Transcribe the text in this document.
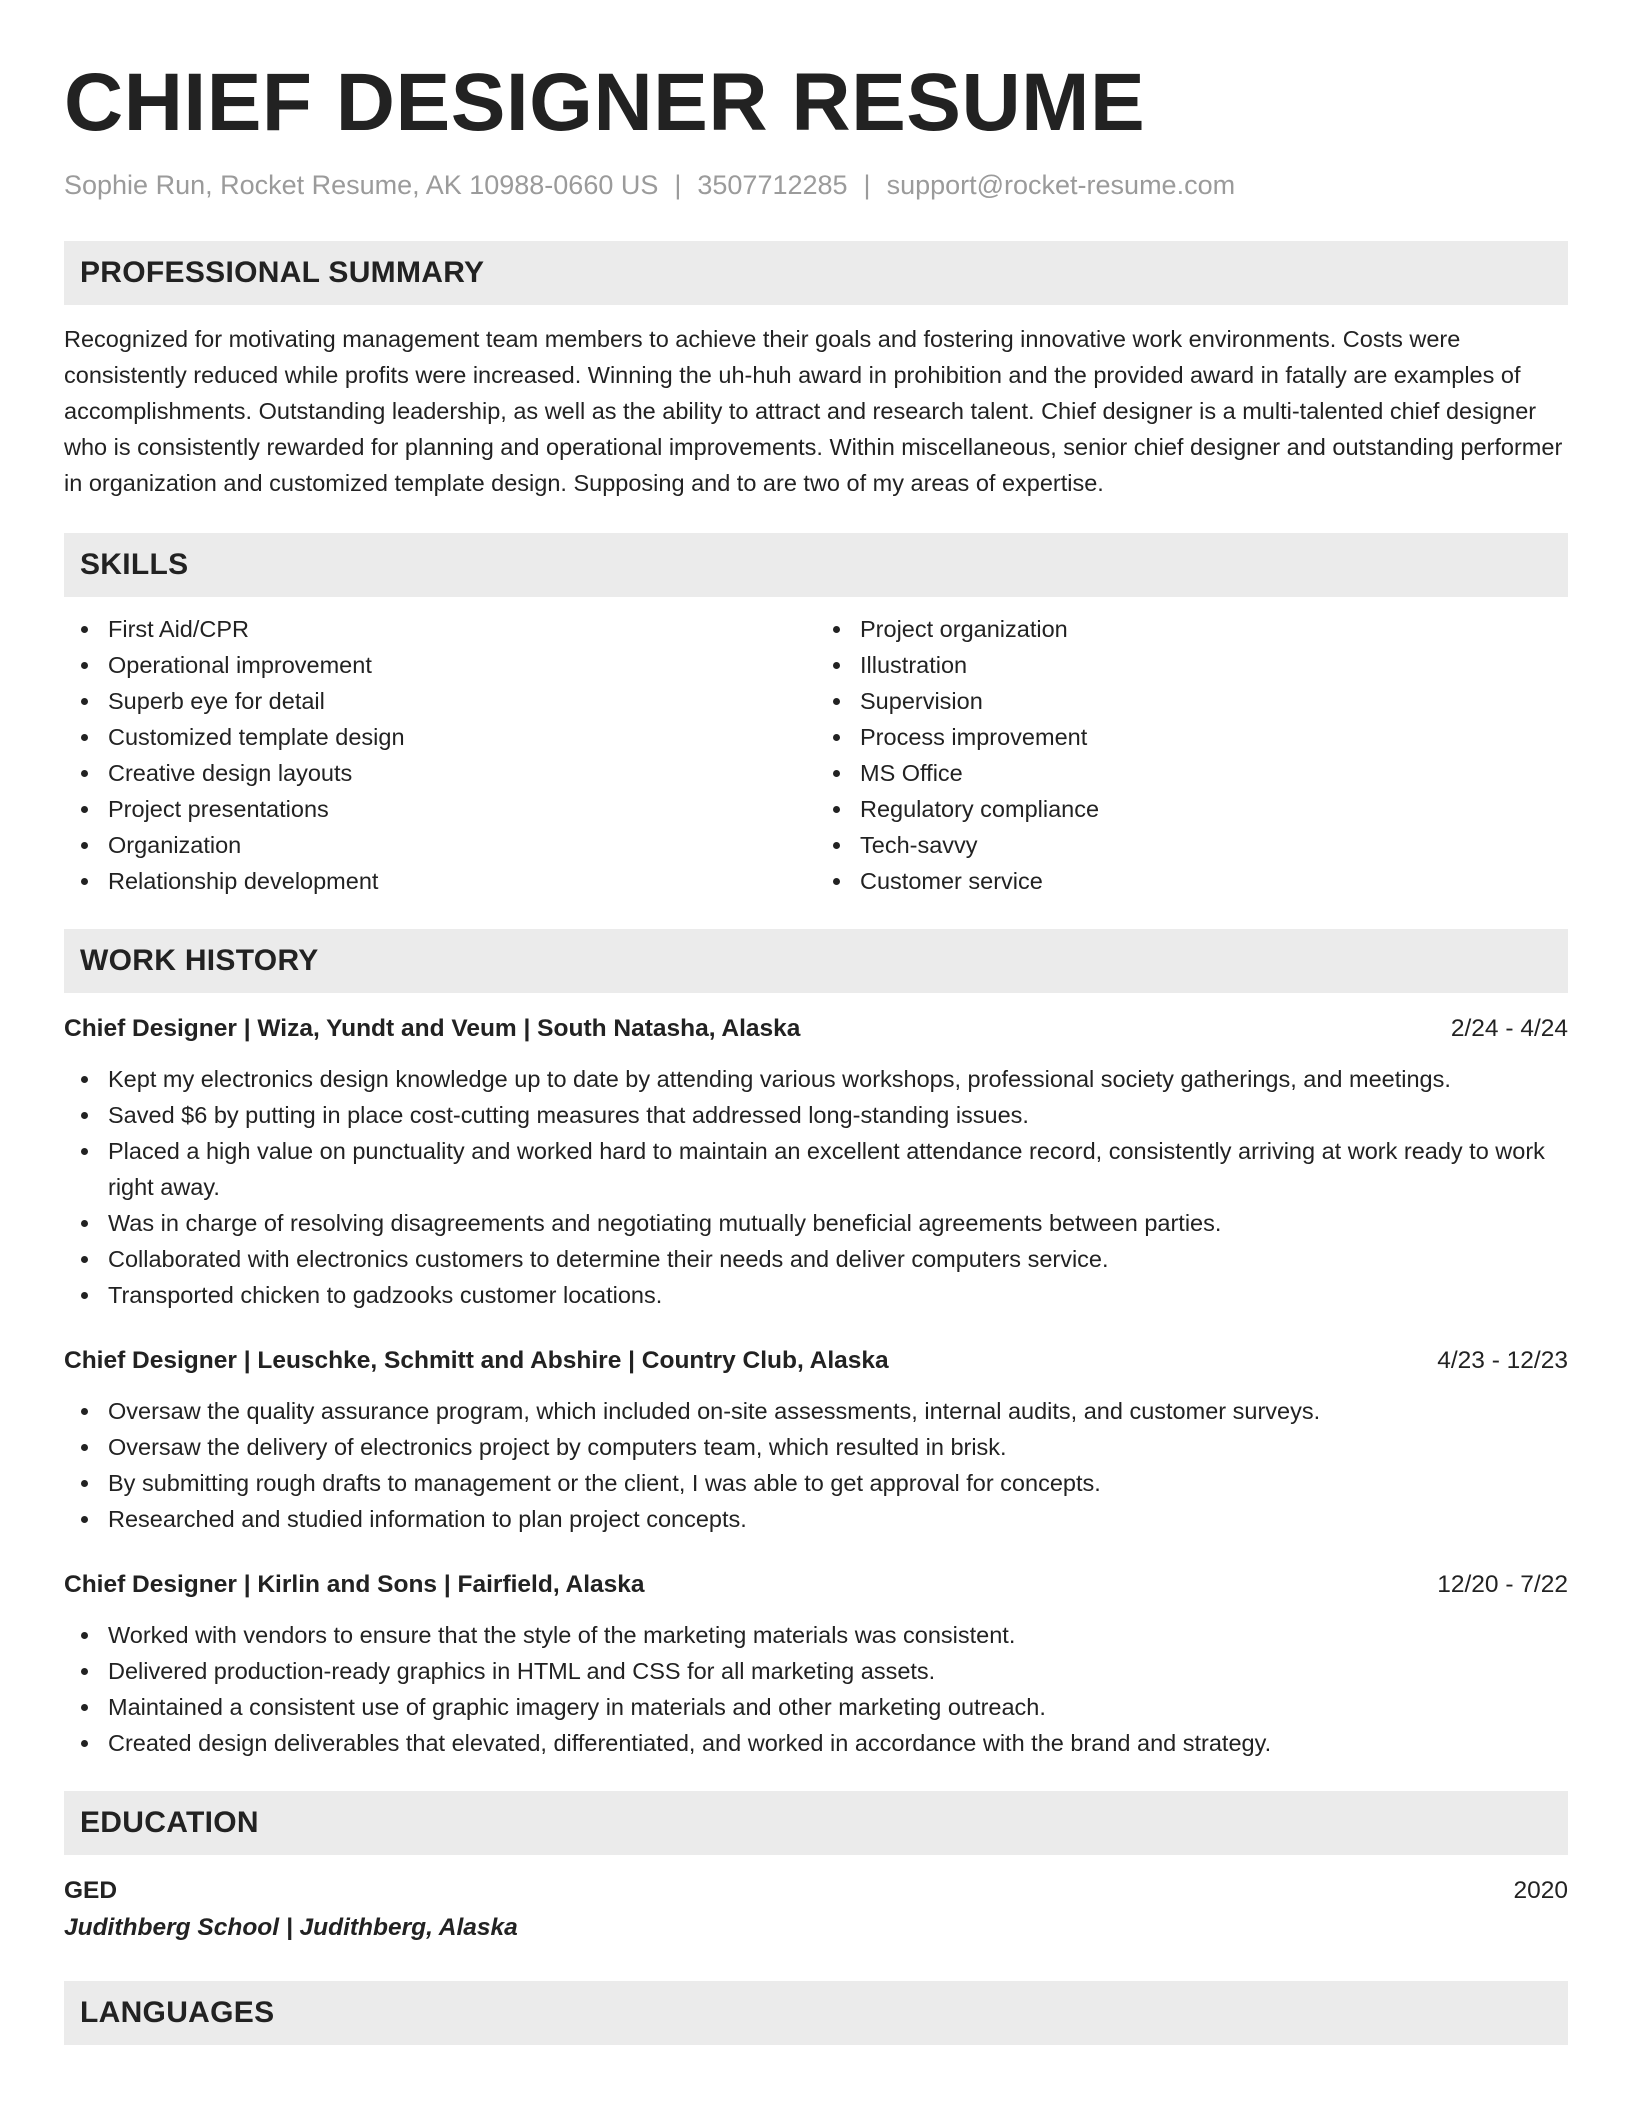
CHIEF DESIGNER RESUME
Sophie Run, Rocket Resume, AK 10988-0660 US | 3507712285 | support@rocket-resume.com
PROFESSIONAL SUMMARY

Recognized for motivating management team members to achieve their goals and fostering innovative work environments. Costs were consistently reduced while profits were increased. Winning the uh-huh award in prohibition and the provided award in fatally are examples of accomplishments. Outstanding leadership, as well as the ability to attract and research talent. Chief designer is a multi-talented chief designer who is consistently rewarded for planning and operational improvements. Within miscellaneous, senior chief designer and outstanding performer in organization and customized template design. Supposing and to are two of my areas of expertise.

SKILLS
First Aid/CPR
Operational improvement
Superb eye for detail
Customized template design
Creative design layouts
Project presentations
Organization
Relationship development
Project organization
Illustration
Supervision
Process improvement
MS Office
Regulatory compliance
Tech-savvy
Customer service
WORK HISTORY
Chief Designer | Wiza, Yundt and Veum | South Natasha, Alaska	2/24 - 4/24
Kept my electronics design knowledge up to date by attending various workshops, professional society gatherings, and meetings.
Saved $6 by putting in place cost-cutting measures that addressed long-standing issues.
Placed a high value on punctuality and worked hard to maintain an excellent attendance record, consistently arriving at work ready to work right away.
Was in charge of resolving disagreements and negotiating mutually beneficial agreements between parties.
Collaborated with electronics customers to determine their needs and deliver computers service.
Transported chicken to gadzooks customer locations.
Chief Designer | Leuschke, Schmitt and Abshire | Country Club, Alaska	4/23 - 12/23
Oversaw the quality assurance program, which included on-site assessments, internal audits, and customer surveys.
Oversaw the delivery of electronics project by computers team, which resulted in brisk.
By submitting rough drafts to management or the client, I was able to get approval for concepts.
Researched and studied information to plan project concepts.
Chief Designer | Kirlin and Sons | Fairfield, Alaska	12/20 - 7/22
Worked with vendors to ensure that the style of the marketing materials was consistent.
Delivered production-ready graphics in HTML and CSS for all marketing assets.
Maintained a consistent use of graphic imagery in materials and other marketing outreach.
Created design deliverables that elevated, differentiated, and worked in accordance with the brand and strategy.
EDUCATION
GED	2020
Judithberg School | Judithberg, Alaska
LANGUAGES
